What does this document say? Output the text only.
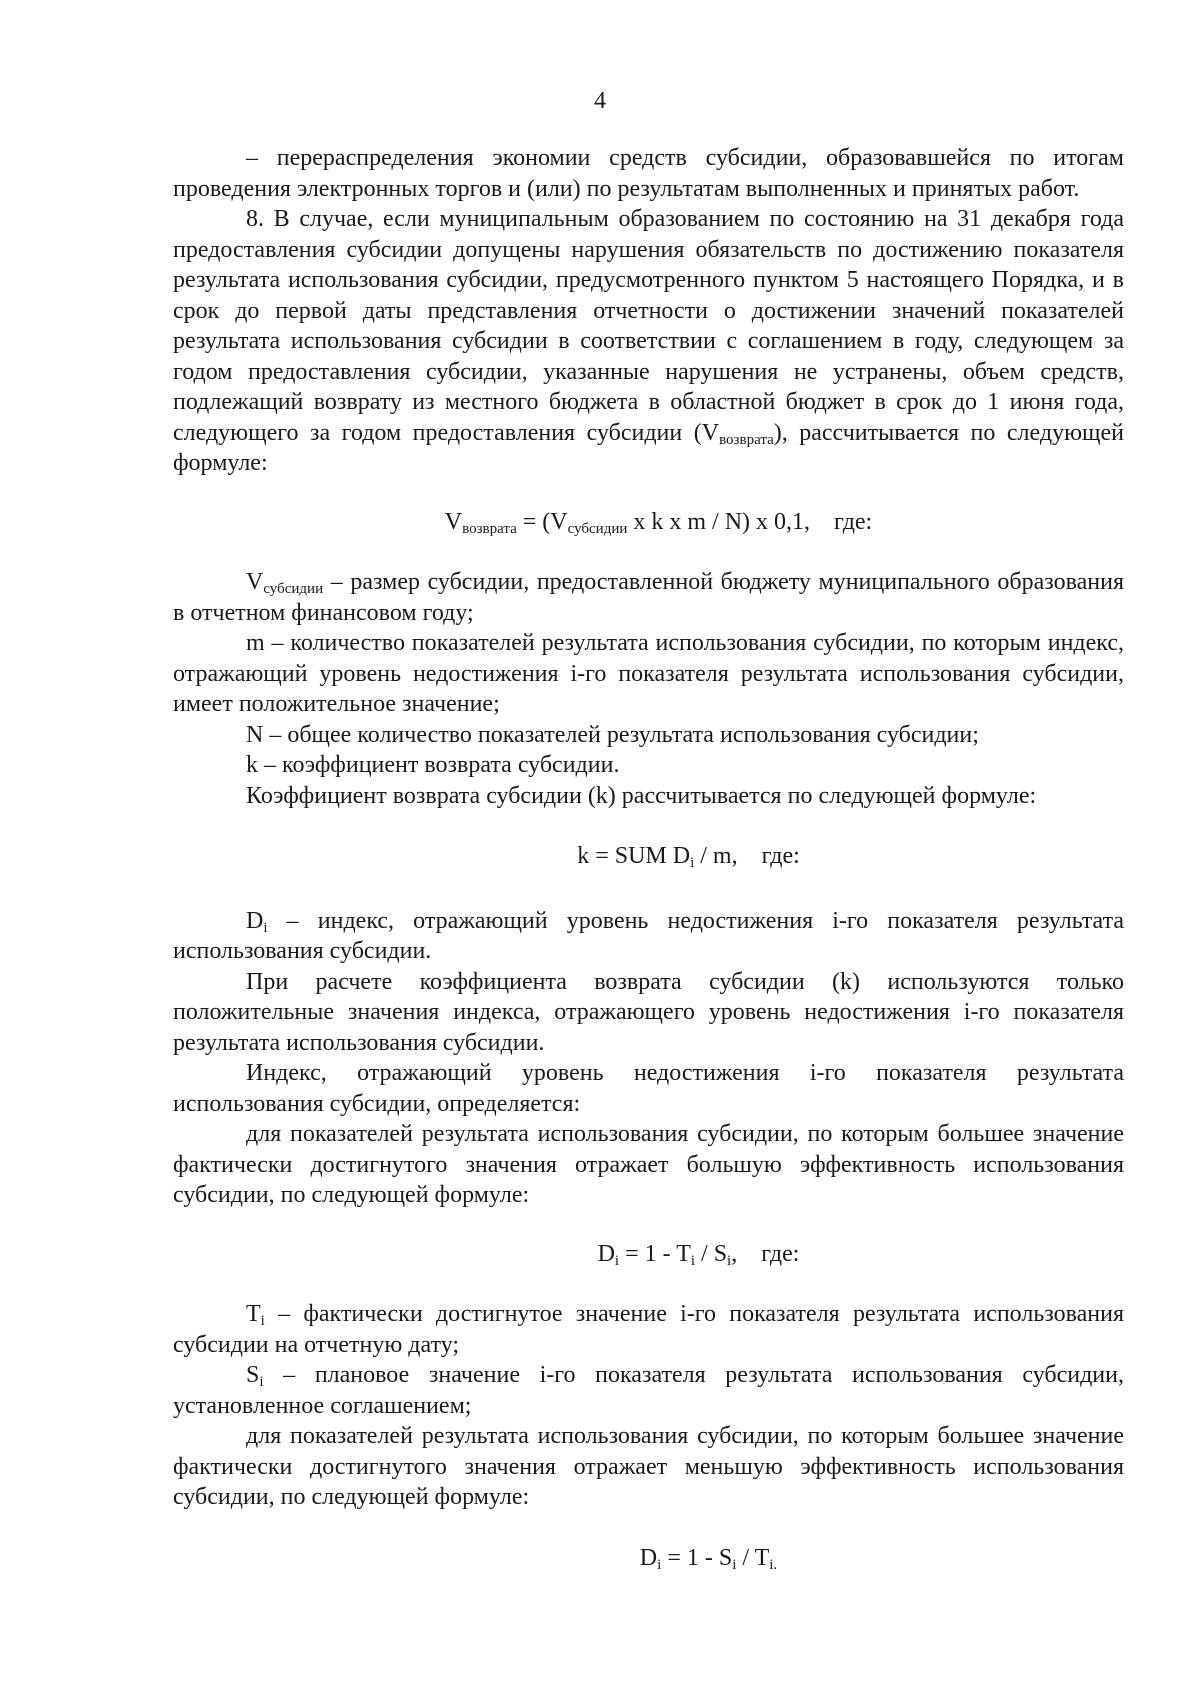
4

– перераспределения экономии средств субсидии, образовавшейся по итогам проведения электронных торгов и (или) по результатам выполненных и принятых работ.

8. В случае, если муниципальным образованием по состоянию на 31 декабря года предоставления субсидии допущены нарушения обязательств по достижению показателя результата использования субсидии, предусмотренного пунктом 5 настоящего Порядка, и в срок до первой даты представления отчетности о достижении значений показателей результата использования субсидии в соответствии с соглашением в году, следующем за годом предоставления субсидии, указанные нарушения не устранены, объем средств, подлежащий возврату из местного бюджета в областной бюджет в срок до 1 июня года, следующего за годом предоставления субсидии $(V_{возврата})$, рассчитывается по следующей формуле:

$V_{возврата} = (V_{субсидии}$ x k x m / N) x 0,1, где:

$V_{субсидии}$ – размер субсидии, предоставленной бюджету муниципального образования в отчетном финансовом году;

m – количество показателей результата использования субсидии, по которым индекс, отражающий уровень недостижения i-го показателя результата использования субсидии, имеет положительное значение;

N – общее количество показателей результата использования субсидии;

k – коэффициент возврата субсидии.

Коэффициент возврата субсидии (k) рассчитывается по следующей формуле:

k = SUM $D_i$ / m, где:

$D_i$ – индекс, отражающий уровень недостижения i-го показателя результата использования субсидии.

При расчете коэффициента возврата субсидии (k) используются только положительные значения индекса, отражающего уровень недостижения i-го показателя результата использования субсидии.

Индекс, отражающий уровень недостижения i-го показателя результата использования субсидии, определяется:

для показателей результата использования субсидии, по которым большее значение фактически достигнутого значения отражает большую эффективность использования субсидии, по следующей формуле:

$D_i = 1 - T_i / S_i$, где:

$T_i$ – фактически достигнутое значение i-го показателя результата использования субсидии на отчетную дату;

$S_i$ – плановое значение i-го показателя результата использования субсидии, установленное соглашением;

для показателей результата использования субсидии, по которым большее значение фактически достигнутого значения отражает меньшую эффективность использования субсидии, по следующей формуле:

$D_i = 1 - S_i / T_{i.}$
